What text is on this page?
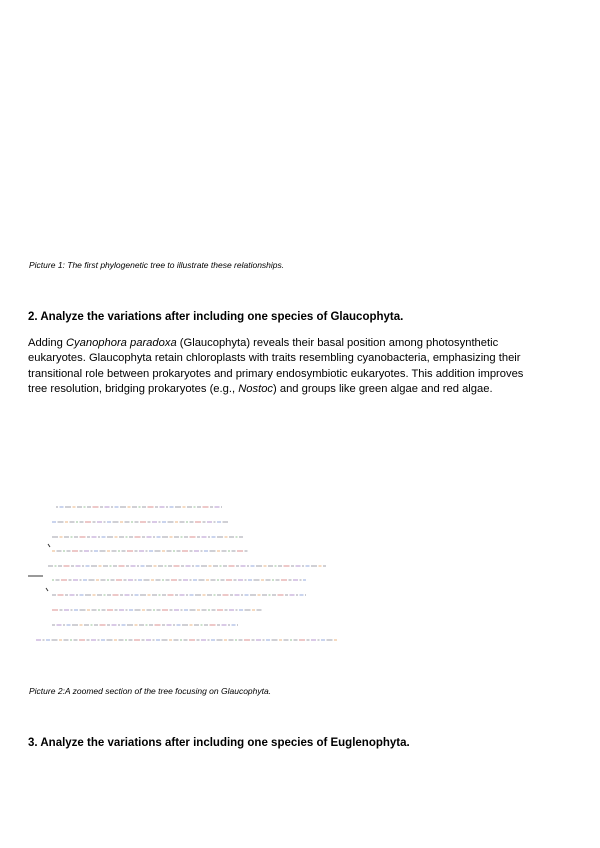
Picture 1: The first phylogenetic tree to illustrate these relationships.
2. Analyze the variations after including one species of Glaucophyta.
Adding Cyanophora paradoxa (Glaucophyta) reveals their basal position among photosynthetic eukaryotes. Glaucophyta retain chloroplasts with traits resembling cyanobacteria, emphasizing their transitional role between prokaryotes and primary endosymbiotic eukaryotes. This addition improves tree resolution, bridging prokaryotes (e.g., Nostoc) and groups like green algae and red algae.
Picture 2:A zoomed section of the tree focusing on Glaucophyta.
3. Analyze the variations after including one species of Euglenophyta.
